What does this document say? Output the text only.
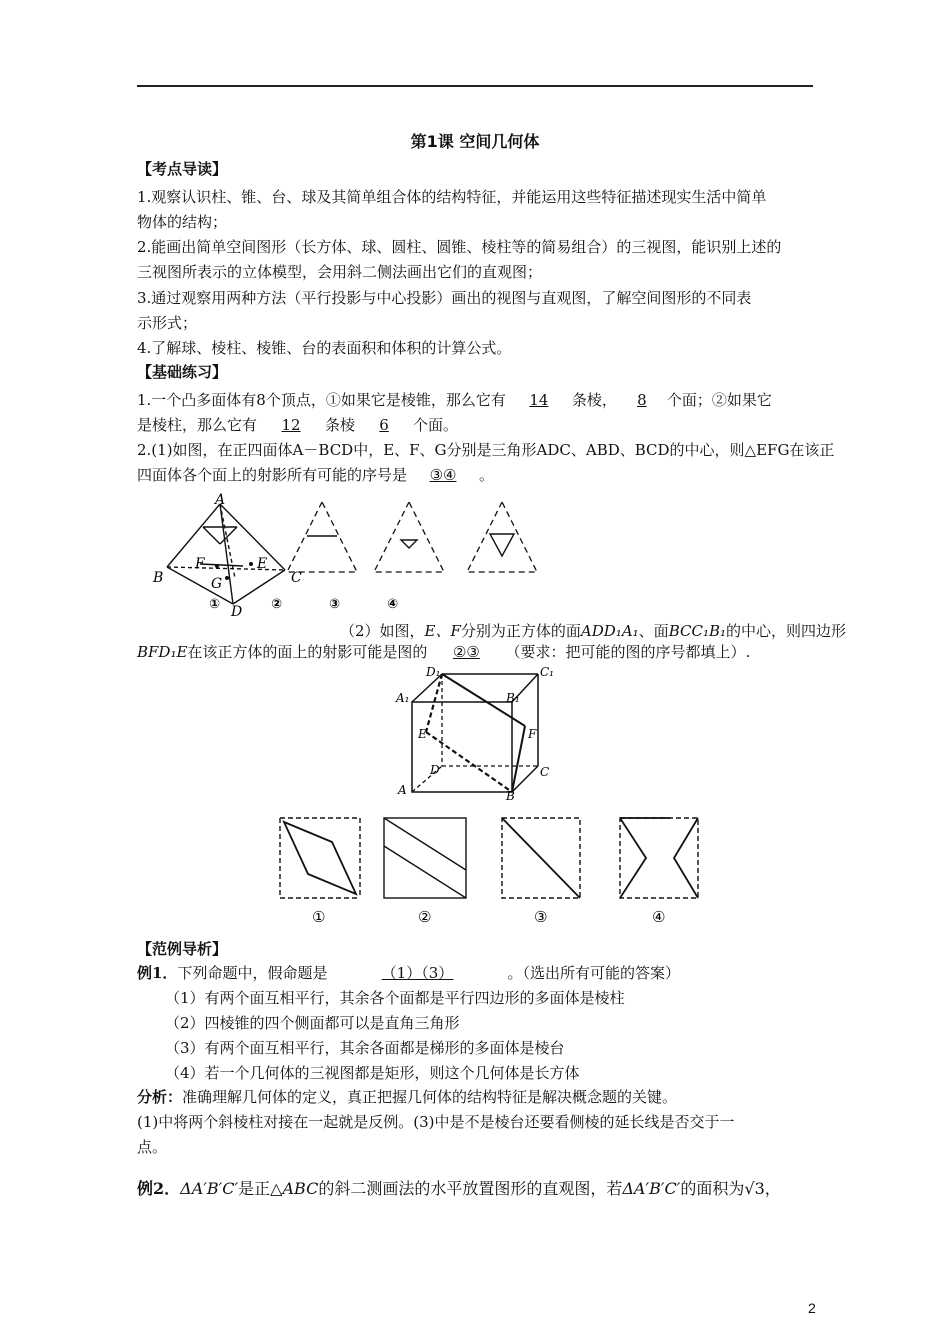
第1课 空间几何体
【考点导读】
1.观察认识柱、锥、台、球及其简单组合体的结构特征，并能运用这些特征描述现实生活中简单
物体的结构；
2.能画出简单空间图形（长方体、球、圆柱、圆锥、棱柱等的简易组合）的三视图，能识别上述的
三视图所表示的立体模型，会用斜二侧法画出它们的直观图；
3.通过观察用两种方法（平行投影与中心投影）画出的视图与直观图，了解空间图形的不同表
示形式；
4.了解球、棱柱、棱锥、台的表面积和体积的计算公式。
【基础练习】
1.一个凸多面体有8个顶点，①如果它是棱锥，那么它有 14 条棱， 8 个面；②如果它
是棱柱，那么它有 12 条棱 6 个面。
2.(1)如图，在正四面体A－BCD中，E、F、G分别是三角形ADC、ABD、BCD的中心，则△EFG在该正
四面体各个面上的射影所有可能的序号是 ③④ 。
A
B	C
D
E
F
G
①	②	③	④
（2）如图，E、F分别为正方体的面ADD₁A₁、面BCC₁B₁的中心，则四边形
BFD₁E在该正方体的面上的射影可能是图的 ②③ （要求：把可能的图的序号都填上）.
D₁	C₁
A₁	B₁
E	F
D	C
A	B
①	②	③	④
【范例导析】
例1．下列命题中，假命题是	（1）（3）	。（选出所有可能的答案）
（1）有两个面互相平行，其余各个面都是平行四边形的多面体是棱柱
（2）四棱锥的四个侧面都可以是直角三角形
（3）有两个面互相平行，其余各面都是梯形的多面体是棱台
（4）若一个几何体的三视图都是矩形，则这个几何体是长方体
分析：准确理解几何体的定义，真正把握几何体的结构特征是解决概念题的关键。
(1)中将两个斜棱柱对接在一起就是反例。(3)中是不是棱台还要看侧棱的延长线是否交于一
点。
例2．ΔA′B′C′是正△ABC的斜二测画法的水平放置图形的直观图，若ΔA′B′C′的面积为√3，
2
